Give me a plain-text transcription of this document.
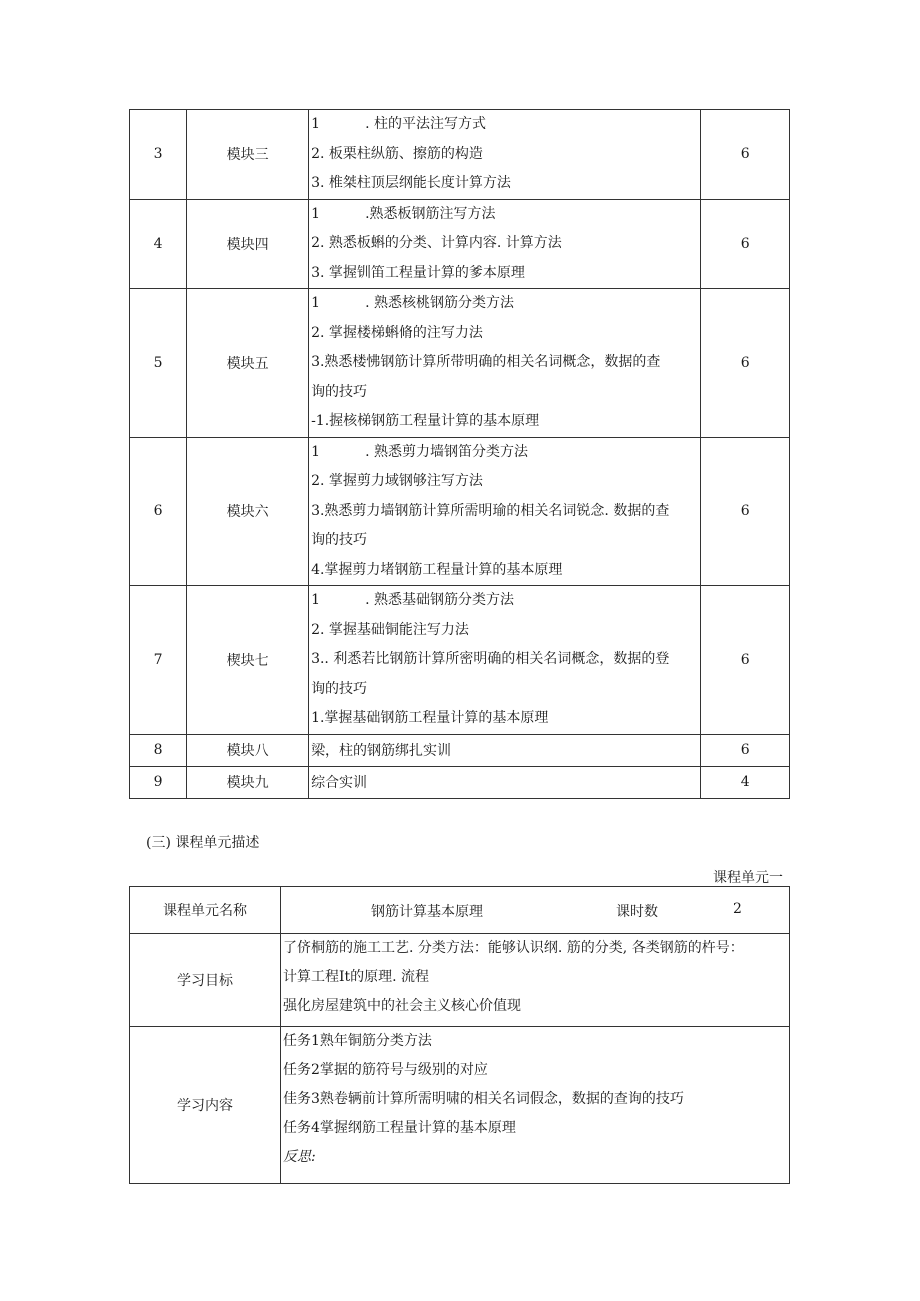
3	模块三	1 . 柱的平法注写方式
2. 板栗柱纵筋、擦筋的构造
3. 椎桀柱顶层纲能长度计算方法	6
4	模块四	1 .熟悉板钢筋注写方法
2. 熟悉板蝌的分类、计算内容. 计算方法
3. 掌握钏笛工程量计算的爹本原理	6
5	模块五	1 . 熟悉核桃钢筋分类方法
2. 掌握楼梯蝌脩的注写力法
3.熟悉楼怫钢筋计算所带明确的相关名词概念，数据的查
询的技巧
-1.握核梯钢筋工程量计算的基本原理	6
6	模块六	1 . 熟悉剪力墙钢笛分类方法
2. 掌握剪力域钢够注写方法
3.熟悉剪力墙钢筋计算所需明瑜的相关名词锐念. 数据的查
询的技巧
4.掌握剪力堵钢筋工程量计算的基本原理	6
7	楔块七	1 . 熟悉基础钢筋分类方法
2. 掌握基础铜能注写力法
3.. 利悉若比钢筋计算所密明确的相关名词概念，数据的登
询的技巧
1.掌握基础钢筋工程量计算的基本原理	6
8	模块八	梁，柱的钢筋绑扎实训	6
9	模块九	综合实训	4
(三) 课程单元描述
课程单元一
课程单元名称	钢筋计算基本原理 课时数 2

学习目标	了侪桐筋的施工工艺. 分类方法：能够认识纲. 筋的分类, 各类钢筋的杵号：
计算工程It的原理. 流程
强化房屋建筑中的社会主义核心价值现

学习内容	任务1熟年铜筋分类方法
任务2掌据的筋符号与级别的对应
佳务3熟卷辆前计算所需明啸的相关名词假念，数据的查询的技巧
任务4掌握纲筋工程量计算的基本原理
反思:
